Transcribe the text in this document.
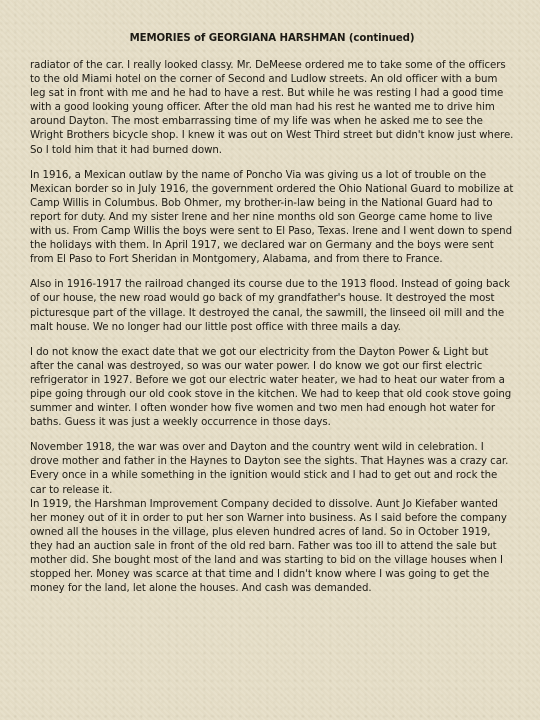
MEMORIES of GEORGIANA HARSHMAN (continued)

radiator of the car. I really looked classy. Mr. DeMeese ordered me to take some of the officers to the old Miami hotel on the corner of Second and Ludlow streets. An old officer with a bum leg sat in front with me and he had to have a rest. But while he was resting I had a good time with a good looking young officer. After the old man had his rest he wanted me to drive him around Dayton. The most embarrassing time of my life was when he asked me to see the Wright Brothers bicycle shop. I knew it was out on West Third street but didn't know just where. So I told him that it had burned down.

In 1916, a Mexican outlaw by the name of Poncho Via was giving us a lot of trouble on the Mexican border so in July 1916, the government ordered the Ohio National Guard to mobilize at Camp Willis in Columbus. Bob Ohmer, my brother-in-law being in the National Guard had to report for duty. And my sister Irene and her nine months old son George came home to live with us. From Camp Willis the boys were sent to El Paso, Texas. Irene and I went down to spend the holidays with them. In April 1917, we declared war on Germany and the boys were sent from El Paso to Fort Sheridan in Montgomery, Alabama, and from there to France.

Also in 1916-1917 the railroad changed its course due to the 1913 flood. Instead of going back of our house, the new road would go back of my grandfather's house. It destroyed the most picturesque part of the village. It destroyed the canal, the sawmill, the linseed oil mill and the malt house. We no longer had our little post office with three mails a day.

I do not know the exact date that we got our electricity from the Dayton Power & Light but after the canal was destroyed, so was our water power. I do know we got our first electric refrigerator in 1927. Before we got our electric water heater, we had to heat our water from a pipe going through our old cook stove in the kitchen. We had to keep that old cook stove going summer and winter. I often wonder how five women and two men had enough hot water for baths. Guess it was just a weekly occurrence in those days.

November 1918, the war was over and Dayton and the country went wild in celebration. I drove mother and father in the Haynes to Dayton see the sights. That Haynes was a crazy car. Every once in a while something in the ignition would stick and I had to get out and rock the car to release it.

In 1919, the Harshman Improvement Company decided to dissolve. Aunt Jo Kiefaber wanted her money out of it in order to put her son Warner into business. As I said before the company owned all the houses in the village, plus eleven hundred acres of land. So in October 1919, they had an auction sale in front of the old red barn. Father was too ill to attend the sale but mother did. She bought most of the land and was starting to bid on the village houses when I stopped her. Money was scarce at that time and I didn't know where I was going to get the money for the land, let alone the houses. And cash was demanded.
